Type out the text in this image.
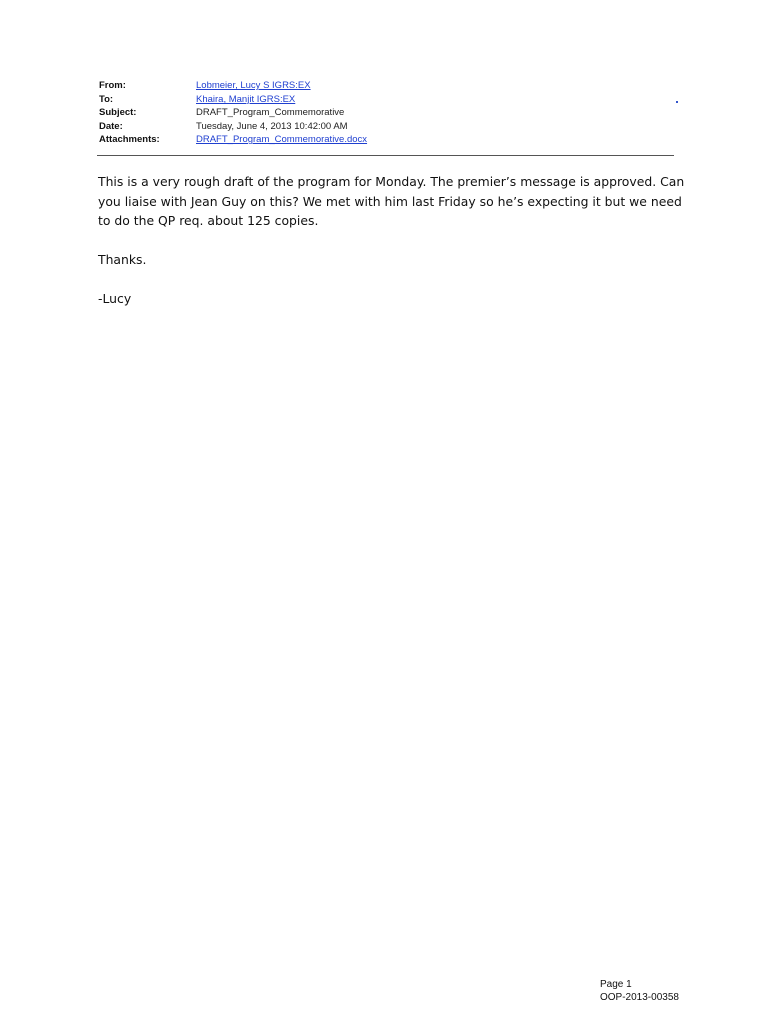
From:	Lobmeier, Lucy S IGRS:EX
To:	Khaira, Manjit IGRS:EX
Subject:	DRAFT_Program_Commemorative
Date:	Tuesday, June 4, 2013 10:42:00 AM
Attachments:	DRAFT_Program_Commemorative.docx

This is a very rough draft of the program for Monday. The premier’s message is approved. Can you liaise with Jean Guy on this? We met with him last Friday so he’s expecting it but we need to do the QP req. about 125 copies.

Thanks.

-Lucy

Page 1
OOP-2013-00358
